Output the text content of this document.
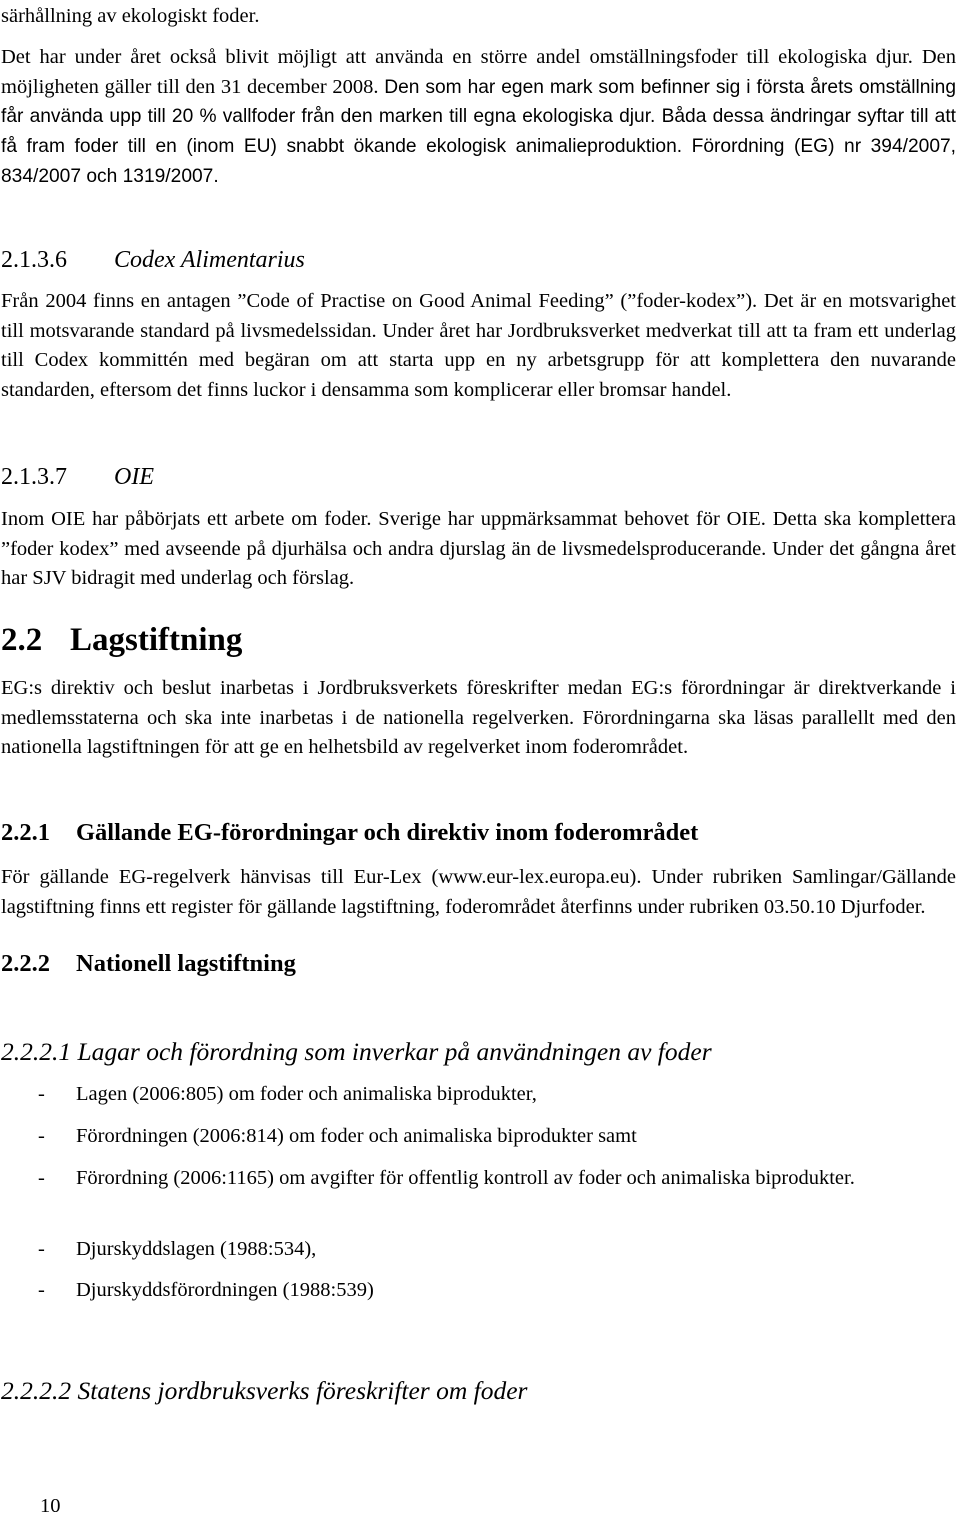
särhållning av ekologiskt foder.

Det har under året också blivit möjligt att använda en större andel omställningsfoder till ekologiska djur. Den möjligheten gäller till den 31 december 2008. Den som har egen mark som befinner sig i första årets omställning får använda upp till 20 % vallfoder från den marken till egna ekologiska djur. Båda dessa ändringar syftar till att få fram foder till en (inom EU) snabbt ökande ekologisk animalieproduktion. Förordning (EG) nr 394/2007, 834/2007 och 1319/2007.

2.1.3.6 Codex Alimentarius

Från 2004 finns en antagen ”Code of Practise on Good Animal Feeding” (”foder-kodex”). Det är en motsvarighet till motsvarande standard på livsmedelssidan. Under året har Jordbruksverket medverkat till att ta fram ett underlag till Codex kommittén med begäran om att starta upp en ny arbetsgrupp för att komplettera den nuvarande standarden, eftersom det finns luckor i densamma som komplicerar eller bromsar handel.

2.1.3.7 OIE

Inom OIE har påbörjats ett arbete om foder. Sverige har uppmärksammat behovet för OIE. Detta ska komplettera ”foder kodex” med avseende på djurhälsa och andra djurslag än de livsmedelsproducerande. Under det gångna året har SJV bidragit med underlag och förslag.

2.2 Lagstiftning

EG:s direktiv och beslut inarbetas i Jordbruksverkets föreskrifter medan EG:s förordningar är direktverkande i medlemsstaterna och ska inte inarbetas i de nationella regelverken. Förordningarna ska läsas parallellt med den nationella lagstiftningen för att ge en helhetsbild av regelverket inom foderområdet.

2.2.1 Gällande EG-förordningar och direktiv inom foderområdet

För gällande EG-regelverk hänvisas till Eur-Lex (www.eur-lex.europa.eu). Under rubriken Samlingar/Gällande lagstiftning finns ett register för gällande lagstiftning, foderområdet återfinns under rubriken 03.50.10 Djurfoder.

2.2.2 Nationell lagstiftning
2.2.2.1 Lagar och förordning som inverkar på användningen av foder
- Lagen (2006:805) om foder och animaliska biprodukter,
- Förordningen (2006:814) om foder och animaliska biprodukter samt
- Förordning (2006:1165) om avgifter för offentlig kontroll av foder och animaliska biprodukter.
- Djurskyddslagen (1988:534),
- Djurskyddsförordningen (1988:539)
2.2.2.2 Statens jordbruksverks föreskrifter om foder
10
